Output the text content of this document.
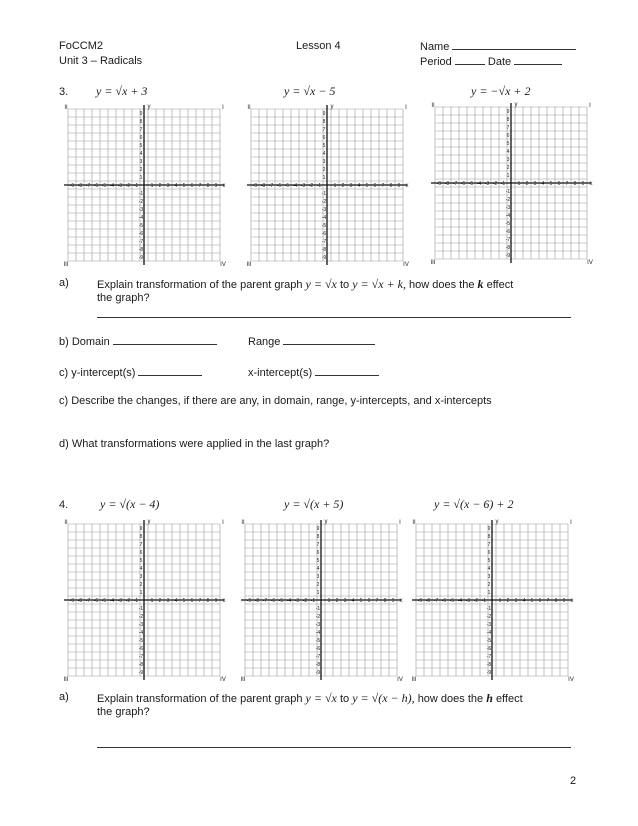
FoCCM2
Unit 3 – Radicals
Lesson 4	Name
Period	Date
3. y = √x + 3	y = √x − 5	y = −√x + 2
-9 -8 -7 -6 -5 -4 -3 -2 -1 1 2 3 4 5 6 7 8 9
9
8
7
6
5
4
3
2
1
-1
-2
-3
-4
-5
-6
-7
-8
-9
II	I
III	IV
y
x	-9 -8 -7 -6 -5 -4 -3 -2 -1 1 2 3 4 5 6 7 8 9
9
8
7
6
5
4
3
2
1
-1
-2
-3
-4
-5
-6
-7
-8
-9
II	I
III	IV
y
x	-9 -8 -7 -6 -5 -4 -3 -2 -1 1 2 3 4 5 6 7 8 9
9
8
7
6
5
4
3
2
1
-1
-2
-3
-4
-5
-6
-7
-8
-9
II	I
III	IV
y
x
a)	Explain transformation of the parent graph y = √x to y = √x + k, how does the k effect
the graph?
b) Domain	Range
c) y-intercept(s)	x-intercept(s)
c) Describe the changes, if there are any, in domain, range, y-intercepts, and x-intercepts
d) What transformations were applied in the last graph?
4.	y = √(x − 4)	y = √(x + 5)	y = √(x − 6) + 2
-9 -8 -7 -6 -5 -4 -3 -2 -1 1 2 3 4 5 6 7 8 9
9
8
7
6
5
4
3
2
1
-1
-2
-3
-4
-5
-6
-7
-8
-9
II	I
III	IV
y
x	-9 -8 -7 -6 -5 -4 -3 -2 -1 1 2 3 4 5 6 7 8 9
9
8
7
6
5
4
3
2
1
-1
-2
-3
-4
-5
-6
-7
-8
-9
II	I
III	IV
y
x	-9 -8 -7 -6 -5 -4 -3 -2 -1 1 2 3 4 5 6 7 8 9
9
8
7
6
5
4
3
2
1
-1
-2
-3
-4
-5
-6
-7
-8
-9
II	I
III	IV
y
x
a)	Explain transformation of the parent graph y = √x to y = √(x − h), how does the h effect
the graph?
2
